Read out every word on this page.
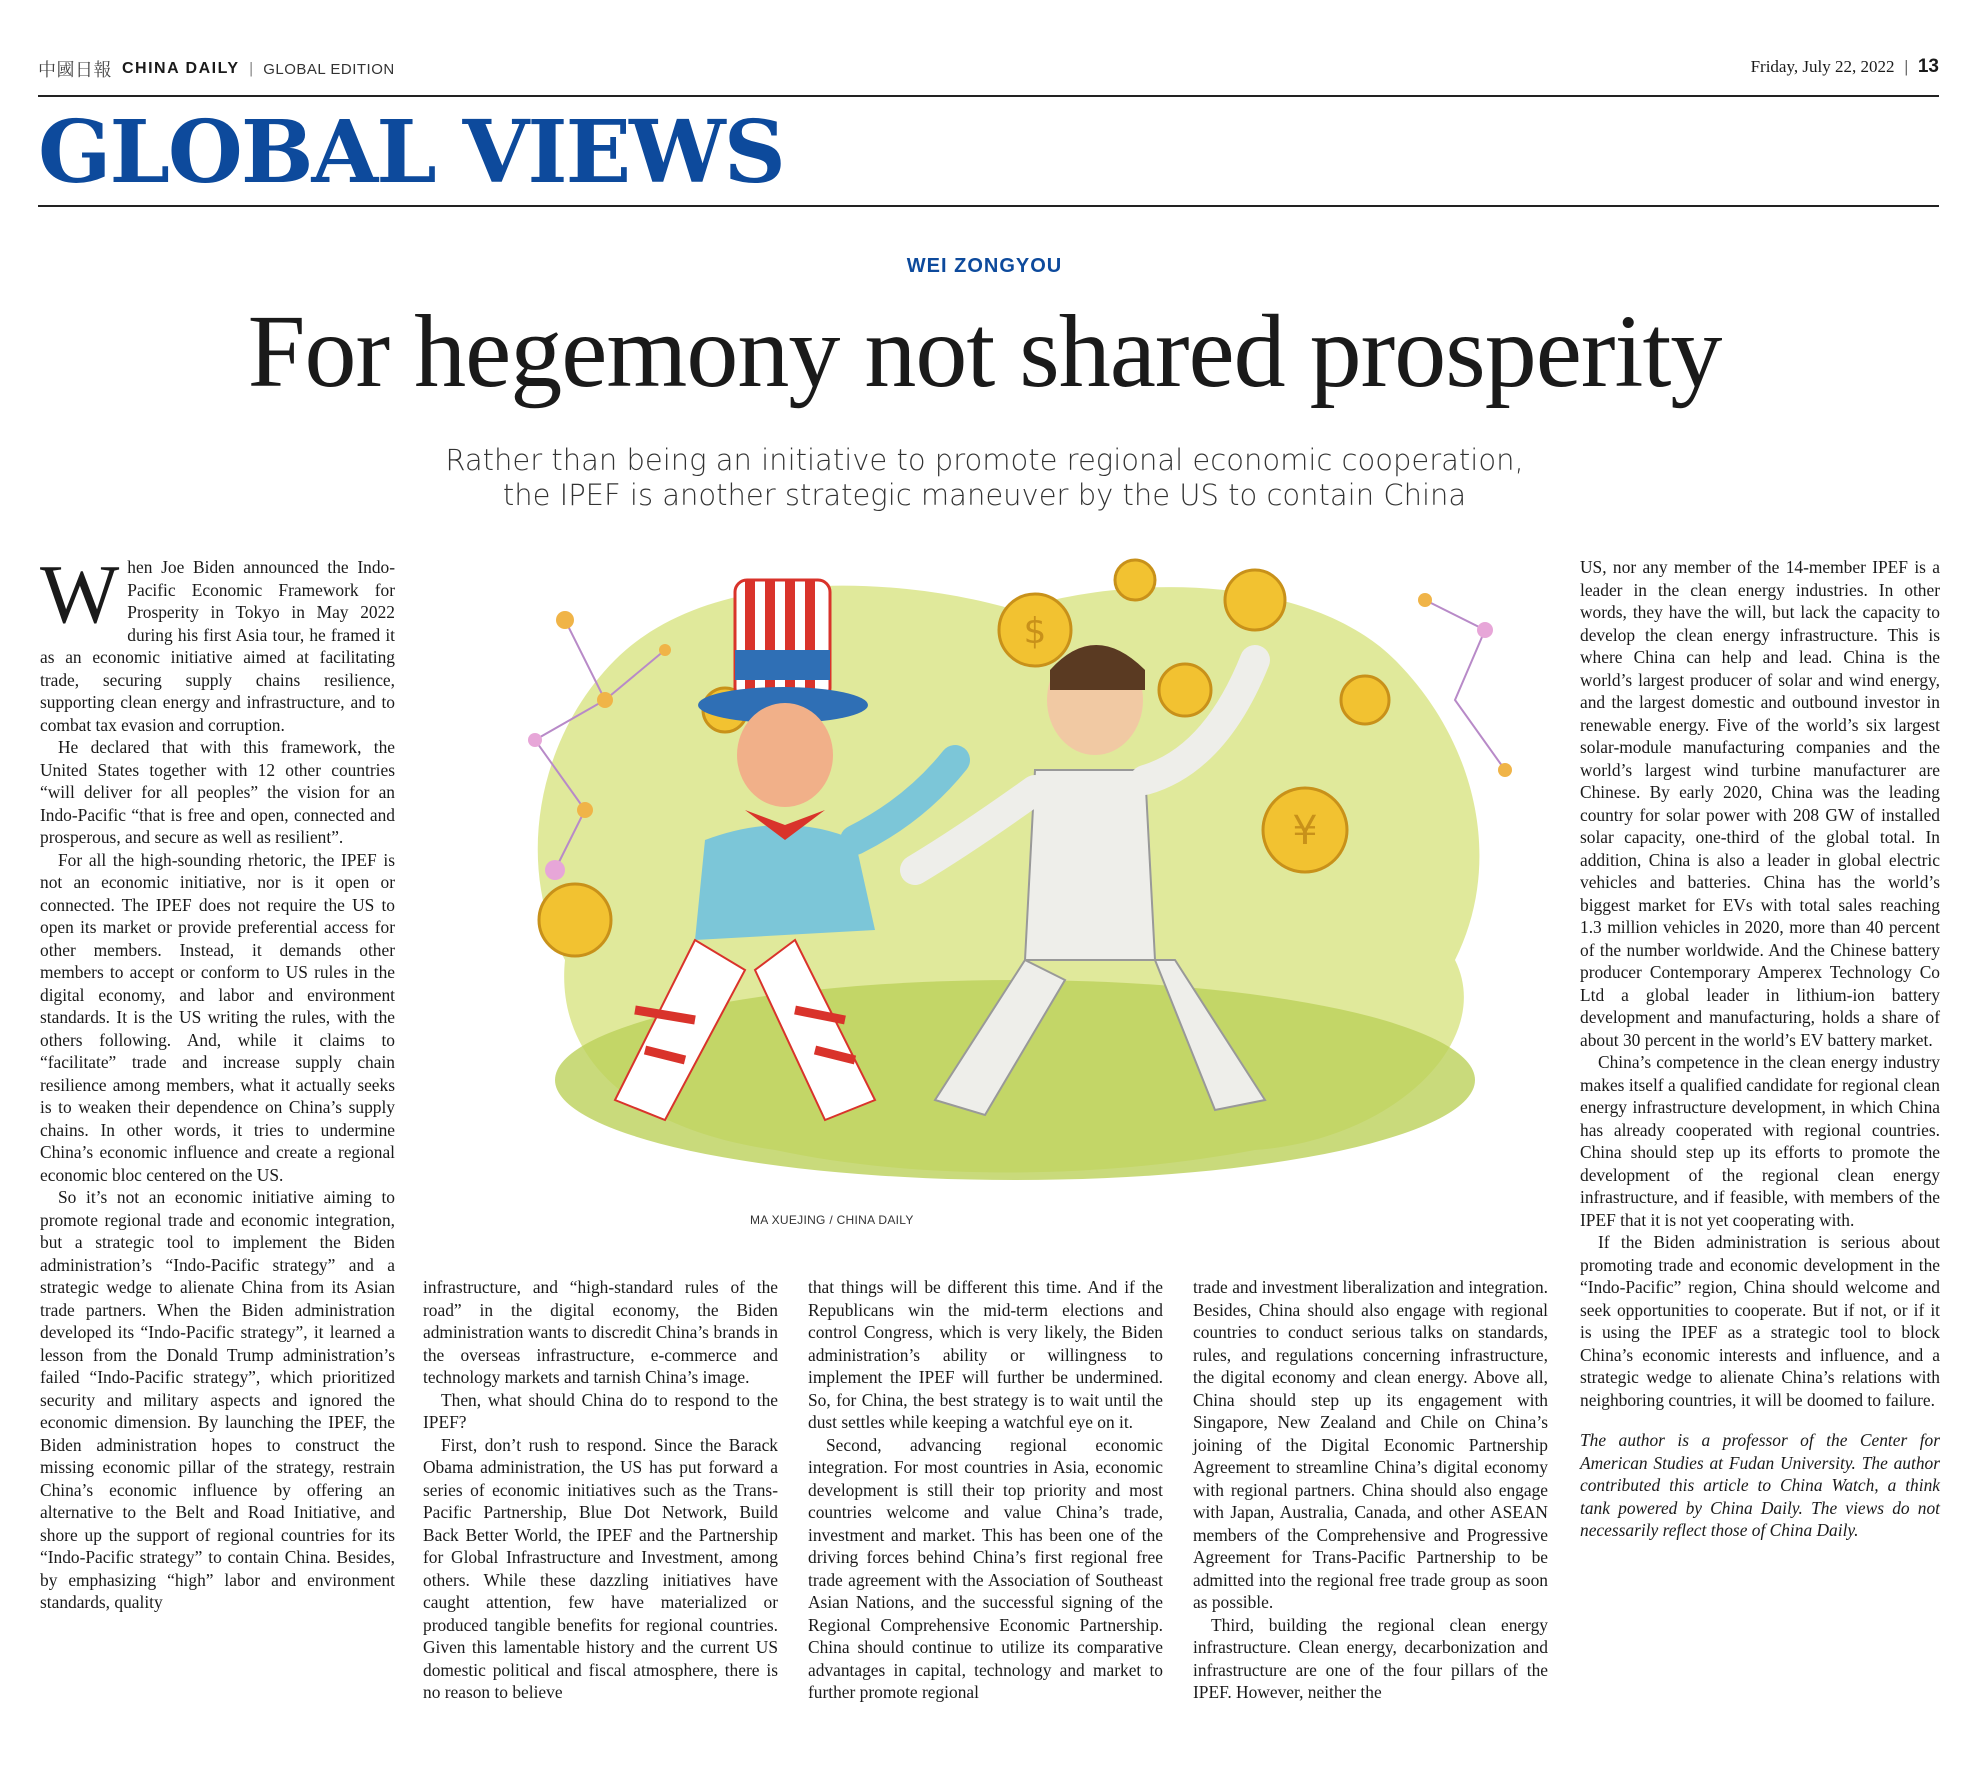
中國日報 CHINA DAILY | GLOBAL EDITION	Friday, July 22, 2022 | 13
GLOBAL VIEWS
WEI ZONGYOU
For hegemony not shared prosperity
Rather than being an initiative to promote regional economic cooperation,
the IPEF is another strategic maneuver by the US to contain China

When Joe Biden announced the Indo-Pacific Economic Framework for Prosperity in Tokyo in May 2022 during his first Asia tour, he framed it as an economic initiative aimed at facilitating trade, securing supply chains resilience, supporting clean energy and infrastructure, and to combat tax evasion and corruption.

He declared that with this framework, the United States together with 12 other countries “will deliver for all peoples” the vision for an Indo-Pacific “that is free and open, connected and prosperous, and secure as well as resilient”.

For all the high-sounding rhetoric, the IPEF is not an economic initiative, nor is it open or connected. The IPEF does not require the US to open its market or provide preferential access for other members. Instead, it demands other members to accept or conform to US rules in the digital economy, and labor and environment standards. It is the US writing the rules, with the others following. And, while it claims to “facilitate” trade and increase supply chain resilience among members, what it actually seeks is to weaken their dependence on China’s supply chains. In other words, it tries to undermine China’s economic influence and create a regional economic bloc centered on the US.

So it’s not an economic initiative aiming to promote regional trade and economic integration, but a strategic tool to implement the Biden administration’s “Indo-Pacific strategy” and a strategic wedge to alienate China from its Asian trade partners. When the Biden administration developed its “Indo-Pacific strategy”, it learned a lesson from the Donald Trump administration’s failed “Indo-Pacific strategy”, which prioritized security and military aspects and ignored the economic dimension. By launching the IPEF, the Biden administration hopes to construct the missing economic pillar of the strategy, restrain China’s economic influence by offering an alternative to the Belt and Road Initiative, and shore up the support of regional countries for its “Indo-Pacific strategy” to contain China. Besides, by emphasizing “high” labor and environment standards, quality

$
¥
MA XUEJING / CHINA DAILY

infrastructure, and “high-standard rules of the road” in the digital economy, the Biden administration wants to discredit China’s brands in the overseas infrastructure, e-commerce and technology markets and tarnish China’s image.

Then, what should China do to respond to the IPEF?

First, don’t rush to respond. Since the Barack Obama administration, the US has put forward a series of economic initiatives such as the Trans-Pacific Partnership, Blue Dot Network, Build Back Better World, the IPEF and the Partnership for Global Infrastructure and Investment, among others. While these dazzling initiatives have caught attention, few have materialized or produced tangible benefits for regional countries. Given this lamentable history and the current US domestic political and fiscal atmosphere, there is no reason to believe

that things will be different this time. And if the Republicans win the mid-term elections and control Congress, which is very likely, the Biden administration’s ability or willingness to implement the IPEF will further be undermined. So, for China, the best strategy is to wait until the dust settles while keeping a watchful eye on it.

Second, advancing regional economic integration. For most countries in Asia, economic development is still their top priority and most countries welcome and value China’s trade, investment and market. This has been one of the driving forces behind China’s first regional free trade agreement with the Association of Southeast Asian Nations, and the successful signing of the Regional Comprehensive Economic Partnership. China should continue to utilize its comparative advantages in capital, technology and market to further promote regional

trade and investment liberalization and integration. Besides, China should also engage with regional countries to conduct serious talks on standards, rules, and regulations concerning infrastructure, the digital economy and clean energy. Above all, China should step up its engagement with Singapore, New Zealand and Chile on China’s joining of the Digital Economic Partnership Agreement to streamline China’s digital economy with regional partners. China should also engage with Japan, Australia, Canada, and other ASEAN members of the Comprehensive and Progressive Agreement for Trans-Pacific Partnership to be admitted into the regional free trade group as soon as possible.

Third, building the regional clean energy infrastructure. Clean energy, decarbonization and infrastructure are one of the four pillars of the IPEF. However, neither the

US, nor any member of the 14-member IPEF is a leader in the clean energy industries. In other words, they have the will, but lack the capacity to develop the clean energy infrastructure. This is where China can help and lead. China is the world’s largest producer of solar and wind energy, and the largest domestic and outbound investor in renewable energy. Five of the world’s six largest solar-module manufacturing companies and the world’s largest wind turbine manufacturer are Chinese. By early 2020, China was the leading country for solar power with 208 GW of installed solar capacity, one-third of the global total. In addition, China is also a leader in global electric vehicles and batteries. China has the world’s biggest market for EVs with total sales reaching 1.3 million vehicles in 2020, more than 40 percent of the number worldwide. And the Chinese battery producer Contemporary Amperex Technology Co Ltd a global leader in lithium-ion battery development and manufacturing, holds a share of about 30 percent in the world’s EV battery market.

China’s competence in the clean energy industry makes itself a qualified candidate for regional clean energy infrastructure development, in which China has already cooperated with regional countries. China should step up its efforts to promote the development of the regional clean energy infrastructure, and if feasible, with members of the IPEF that it is not yet cooperating with.

If the Biden administration is serious about promoting trade and economic development in the “Indo-Pacific” region, China should welcome and seek opportunities to cooperate. But if not, or if it is using the IPEF as a strategic tool to block China’s economic interests and influence, and a strategic wedge to alienate China’s relations with neighboring countries, it will be doomed to failure.

The author is a professor of the Center for American Studies at Fudan University. The author contributed this article to China Watch, a think tank powered by China Daily. The views do not necessarily reflect those of China Daily.
